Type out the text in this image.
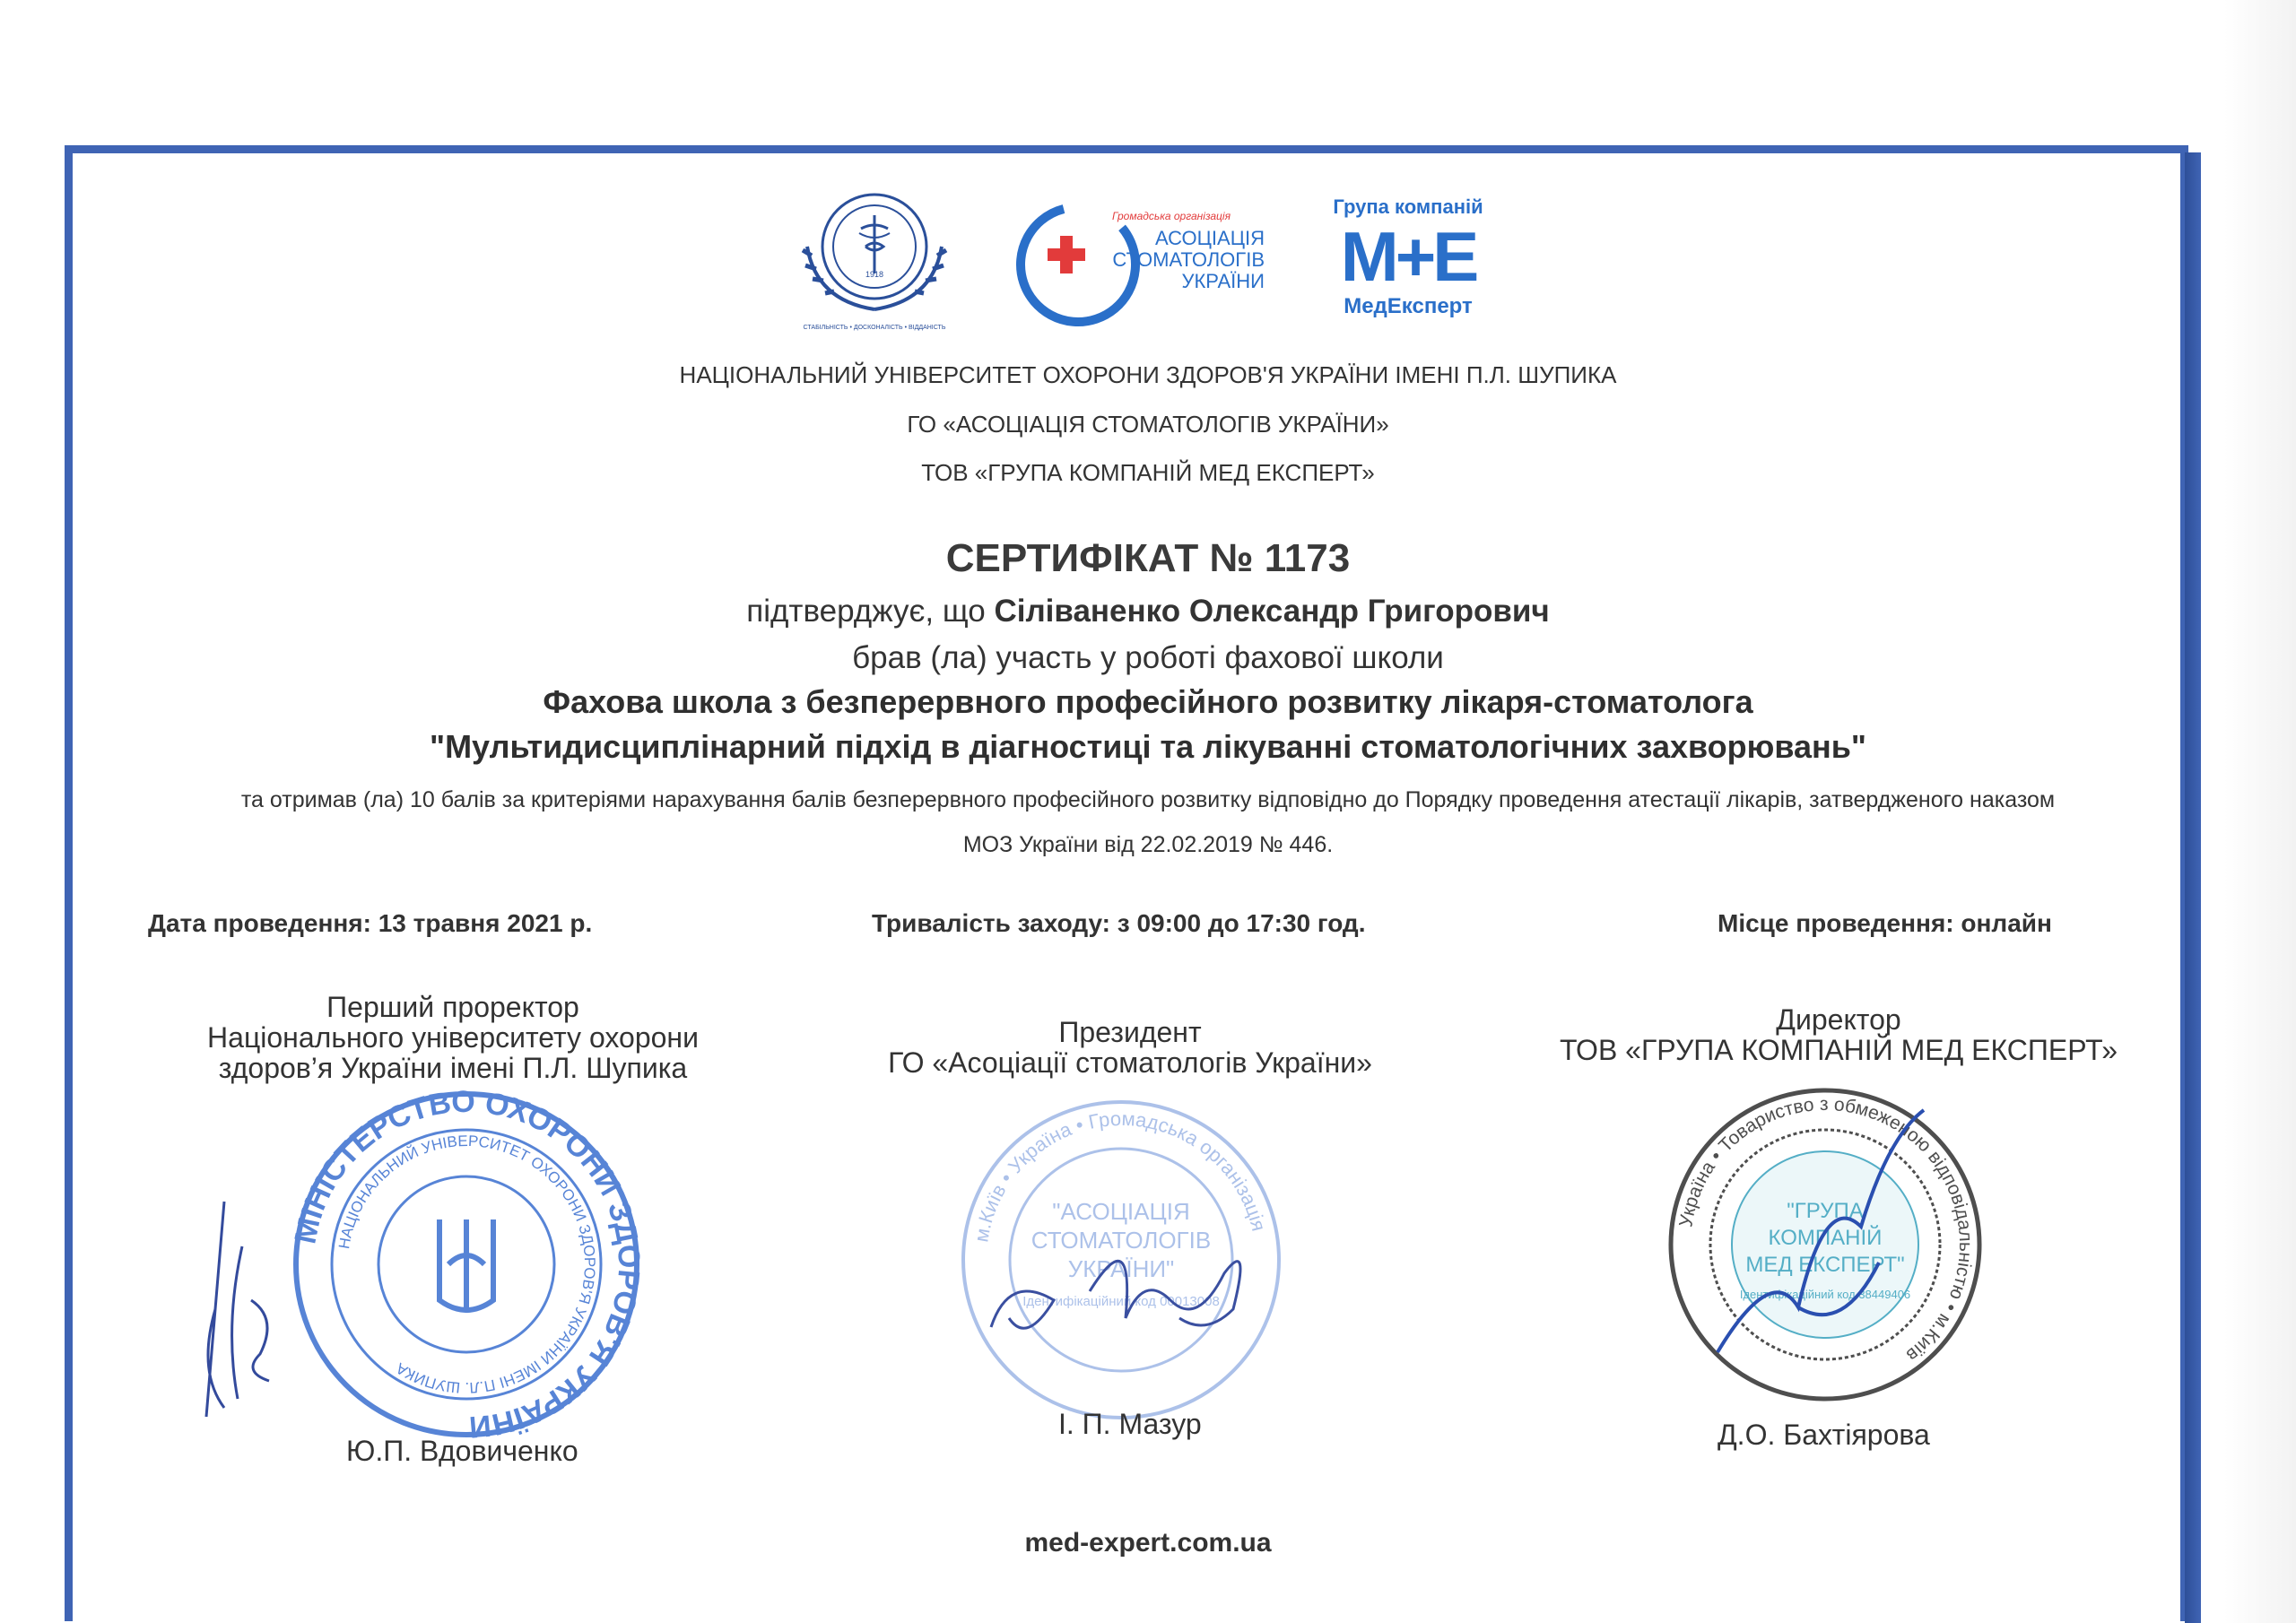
1918
СТАБІЛЬНІСТЬ • ДОСКОНАЛІСТЬ • ВІДДАНІСТЬ
Громадська організація
АСОЦІАЦІЯ
СТОМАТОЛОГІВ
УКРАЇНИ
Група компаній
M+E
МедЕксперт
НАЦІОНАЛЬНИЙ УНІВЕРСИТЕТ ОХОРОНИ ЗДОРОВ'Я УКРАЇНИ ІМЕНІ П.Л. ШУПИКА
ГО «АСОЦІАЦІЯ СТОМАТОЛОГІВ УКРАЇНИ»
ТОВ «ГРУПА КОМПАНІЙ МЕД ЕКСПЕРТ»
СЕРТИФІКАТ № 1173
підтверджує, що Сіліваненко Олександр Григорович
брав (ла) участь у роботі фахової школи
Фахова школа з безперервного професійного розвитку лікаря-стоматолога
"Мультидисциплінарний підхід в діагностиці та лікуванні стоматологічних захворювань"
та отримав (ла) 10 балів за критеріями нарахування балів безперервного професійного розвитку відповідно до Порядку проведення атестації лікарів, затвердженого наказом
МОЗ України від 22.02.2019 № 446.
Дата проведення: 13 травня 2021 р.	Тривалість заходу: з 09:00 до 17:30 год.	Місце проведення: онлайн
Перший проректор
Національного університету охорони
здоров’я України імені П.Л. Шупика
МІНІСТЕРСТВО ОХОРОНИ ЗДОРОВ'Я УКРАЇНИ
НАЦІОНАЛЬНИЙ УНІВЕРСИТЕТ ОХОРОНИ ЗДОРОВ'Я УКРАЇНИ ІМЕНІ П.Л. ШУПИКА
Ю.П. Вдовиченко
Президент
ГО «Асоціації стоматологів України»
м.Київ • Україна • Громадська організація
"АСОЦІАЦІЯ
СТОМАТОЛОГІВ
УКРАЇНИ"
Ідентифікаційний код 00013008
І. П. Мазур
Директор
ТОВ «ГРУПА КОМПАНІЙ МЕД ЕКСПЕРТ»
Україна • Товариство з обмеженою відповідальністю • м.Київ
"ГРУПА
КОМПАНІЙ
МЕД ЕКСПЕРТ"
Ідентифікаційний код 38449406
Д.О. Бахтіярова
med-expert.com.ua
